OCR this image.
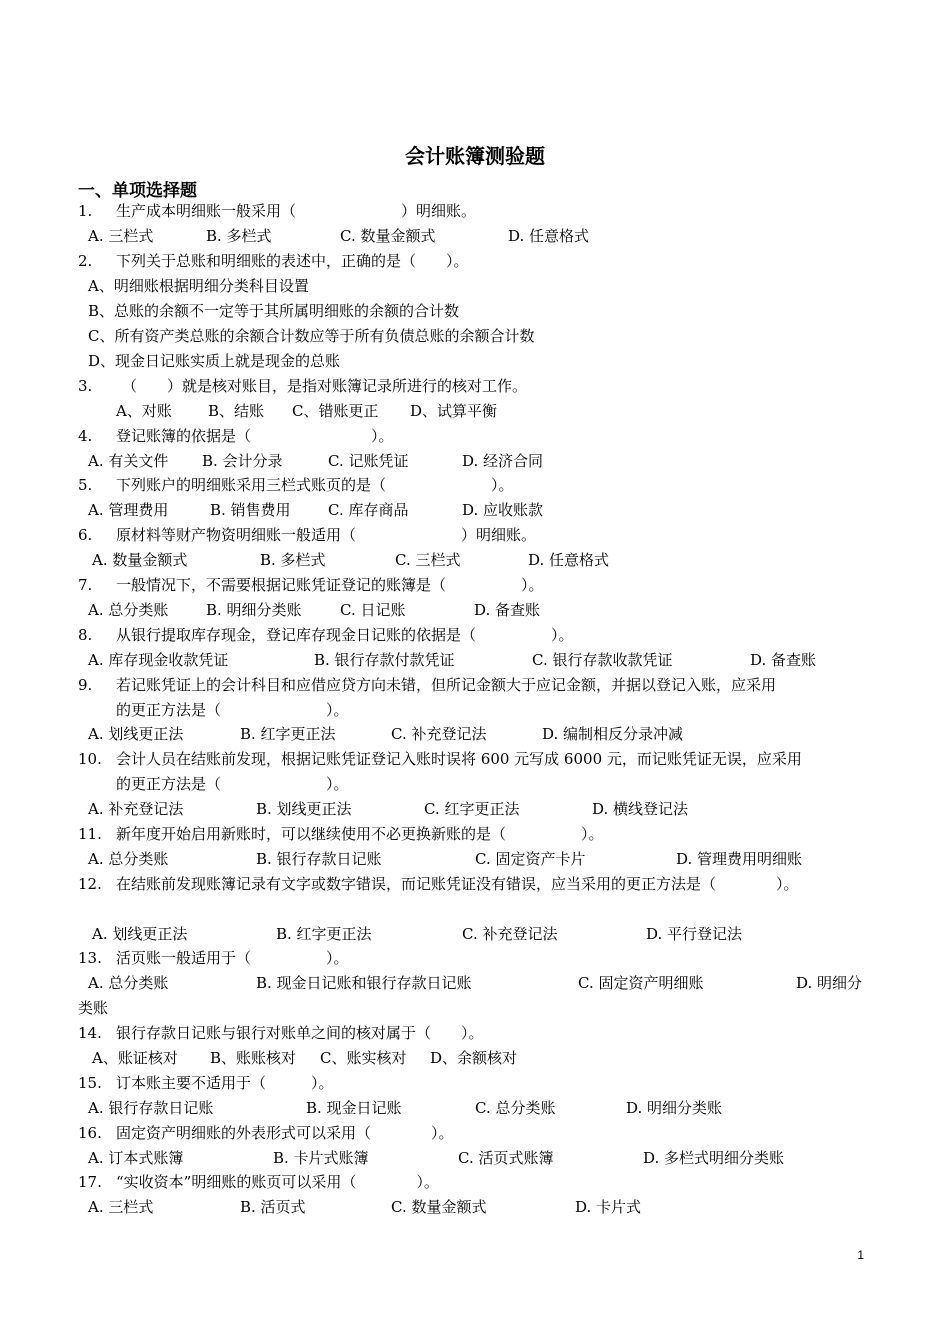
会计账簿测验题
一、单项选择题
1. 生产成本明细账一般采用（　　　　　　　）明细账。
A. 三栏式	B. 多栏式	C. 数量金额式	D. 任意格式
2. 下列关于总账和明细账的表述中，正确的是（　　）。
A、明细账根据明细分类科目设置
B、总账的余额不一定等于其所属明细账的余额的合计数
C、所有资产类总账的余额合计数应等于所有负债总账的余额合计数
D、现金日记账实质上就是现金的总账
3. （　　）就是核对账目，是指对账簿记录所进行的核对工作。
A、对账 B、结账 C、错账更正 D、试算平衡
4. 登记账簿的依据是（　　　　　　　　）。
A. 有关文件 B. 会计分录	C. 记账凭证	D. 经济合同
5. 下列账户的明细账采用三栏式账页的是（　　　　　　　）。
A. 管理费用	B. 销售费用 C. 库存商品	D. 应收账款
6. 原材料等财产物资明细账一般适用（　　　　　　　）明细账。
A. 数量金额式	B. 多栏式	C. 三栏式	D. 任意格式
7. 一般情况下，不需要根据记账凭证登记的账簿是（　　　　　）。
A. 总分类账	B. 明细分类账	C. 日记账	D. 备查账
8. 从银行提取库存现金，登记库存现金日记账的依据是（　　　　　）。
A. 库存现金收款凭证	B. 银行存款付款凭证	C. 银行存款收款凭证	D. 备查账
9. 若记账凭证上的会计科目和应借应贷方向未错，但所记金额大于应记金额，并据以登记入账，应采用
的更正方法是（　　　　　　　）。
A. 划线更正法	B. 红字更正法	C. 补充登记法	D. 编制相反分录冲减
10. 会计人员在结账前发现，根据记账凭证登记入账时误将 600 元写成 6000 元，而记账凭证无误，应采用
的更正方法是（　　　　　　　）。
A. 补充登记法	B. 划线更正法	C. 红字更正法	D. 横线登记法
11. 新年度开始启用新账时，可以继续使用不必更换新账的是（　　　　　）。
A. 总分类账	B. 银行存款日记账	C. 固定资产卡片	D. 管理费用明细账
12. 在结账前发现账簿记录有文字或数字错误，而记账凭证没有错误，应当采用的更正方法是（　　　　）。
A. 划线更正法	B. 红字更正法	C. 补充登记法	D. 平行登记法
13. 活页账一般适用于（　　　　　）。
A. 总分类账	B. 现金日记账和银行存款日记账	C. 固定资产明细账	D. 明细分
类账
14. 银行存款日记账与银行对账单之间的核对属于（　　）。
A、账证核对 B、账账核对 C、账实核对 D、余额核对
15. 订本账主要不适用于（　　　）。
A. 银行存款日记账	B. 现金日记账	C. 总分类账	D. 明细分类账
16. 固定资产明细账的外表形式可以采用（　　　　）。
A. 订本式账簿	B. 卡片式账簿	C. 活页式账簿	D. 多栏式明细分类账
17. “实收资本”明细账的账页可以采用（　　　　）。
A. 三栏式	B. 活页式	C. 数量金额式	D. 卡片式
1
